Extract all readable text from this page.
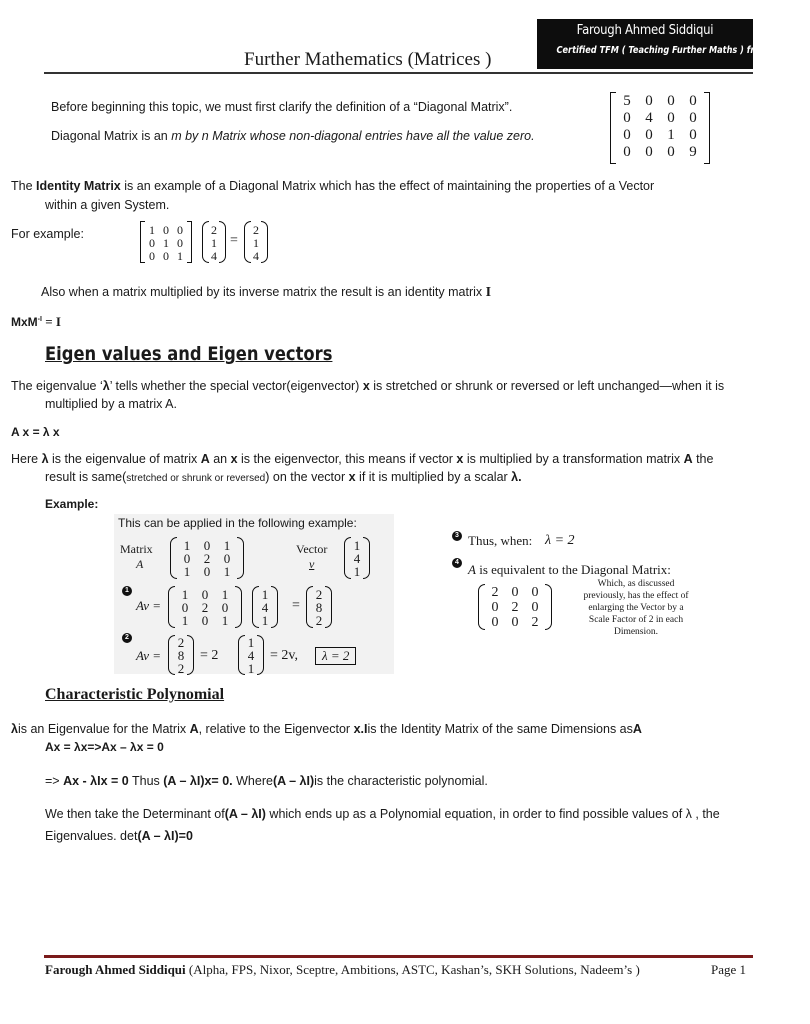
Farough Ahmed Siddiqui
Certified TFM ( Teaching Further Maths ) from MEI - UK
Further Mathematics (Matrices )
Before beginning this topic, we must first clarify the definition of a “Diagonal Matrix”.
Diagonal Matrix is an m by n Matrix whose non-diagonal entries have all the value zero.
5	0	0	0
0	4	0	0
0	0	1	0
0	0	0	9
The Identity Matrix is an example of a Diagonal Matrix which has the effect of maintaining the properties of a Vector
within a given System.
For example:	1	0	0
0	1	0
0	0	1
2
1
4
=
2
1
4
Also when a matrix multiplied by its inverse matrix the result is an identity matrix I
MxM$^{-I}$ = I
Eigen values and Eigen vectors
The eigenvalue ‘λ’ tells whether the special vector(eigenvector) x is stretched or shrunk or reversed or left unchanged—when it is
multiplied by a matrix A.
A x = λ x
Here λ is the eigenvalue of matrix A an x is the eigenvector, this means if vector x is multiplied by a transformation matrix A the
result is same(stretched or shrunk or reversed) on the vector x if it is multiplied by a scalar λ.
Example:
This can be applied in the following example:
Matrix
A
1	0	1
0	2	0
1	0	1
Vector
v
1
4
1
1
Av =
1	0	1
0	2	0
1	0	1
1
4
1
=
2
8
2
2
Av =
2
8
2
= 2
1
4
1
= 2v,	λ = 2
3 Thus, when: λ = 2
4 A is equivalent to the Diagonal Matrix:
2	0	0
0	2	0
0	0	2
Which, as discussed
previously, has the effect of
enlarging the Vector by a
Scale Factor of 2 in each
Dimension.
Characteristic Polynomial
λis an Eigenvalue for the Matrix A, relative to the Eigenvector x.Iis the Identity Matrix of the same Dimensions asA
Ax = λx=>Ax – λx = 0
=> Ax - λIx = 0 Thus (A – λI)x= 0. Where(A – λI)is the characteristic polynomial.
We then take the Determinant of(A – λI) which ends up as a Polynomial equation, in order to find possible values of λ , the
Eigenvalues. det(A – λI)=0
Farough Ahmed Siddiqui (Alpha, FPS, Nixor, Sceptre, Ambitions, ASTC, Kashan’s, SKH Solutions, Nadeem’s )	Page 1
